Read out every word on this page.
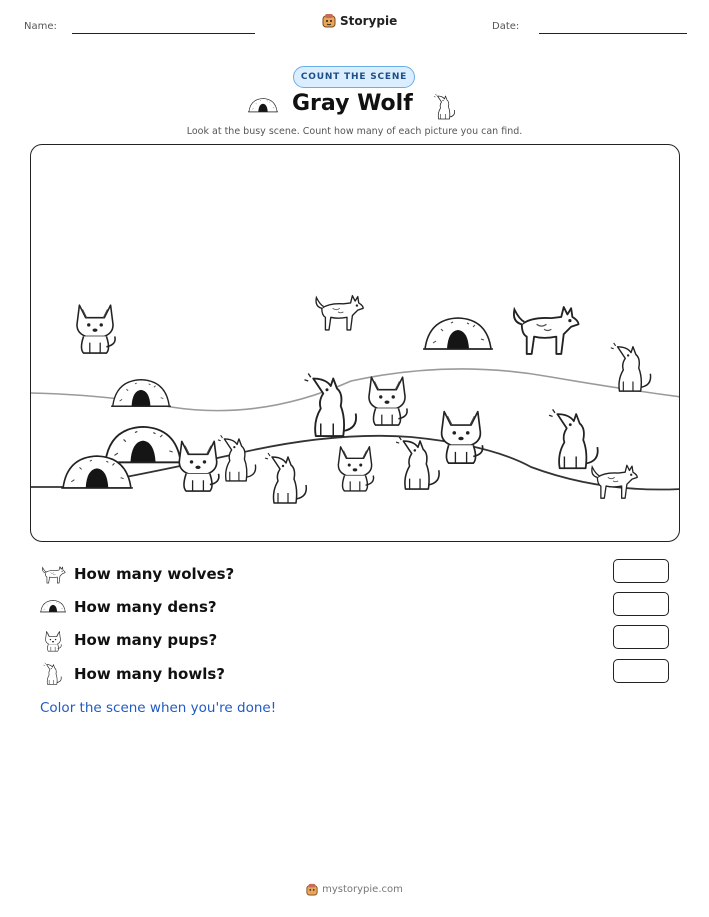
Name:	Date:
Storypie
COUNT THE SCENE
Gray Wolf
Look at the busy scene. Count how many of each picture you can find.
How many wolves?
How many dens?
How many pups?
How many howls?
Color the scene when you're done!
mystorypie.com
